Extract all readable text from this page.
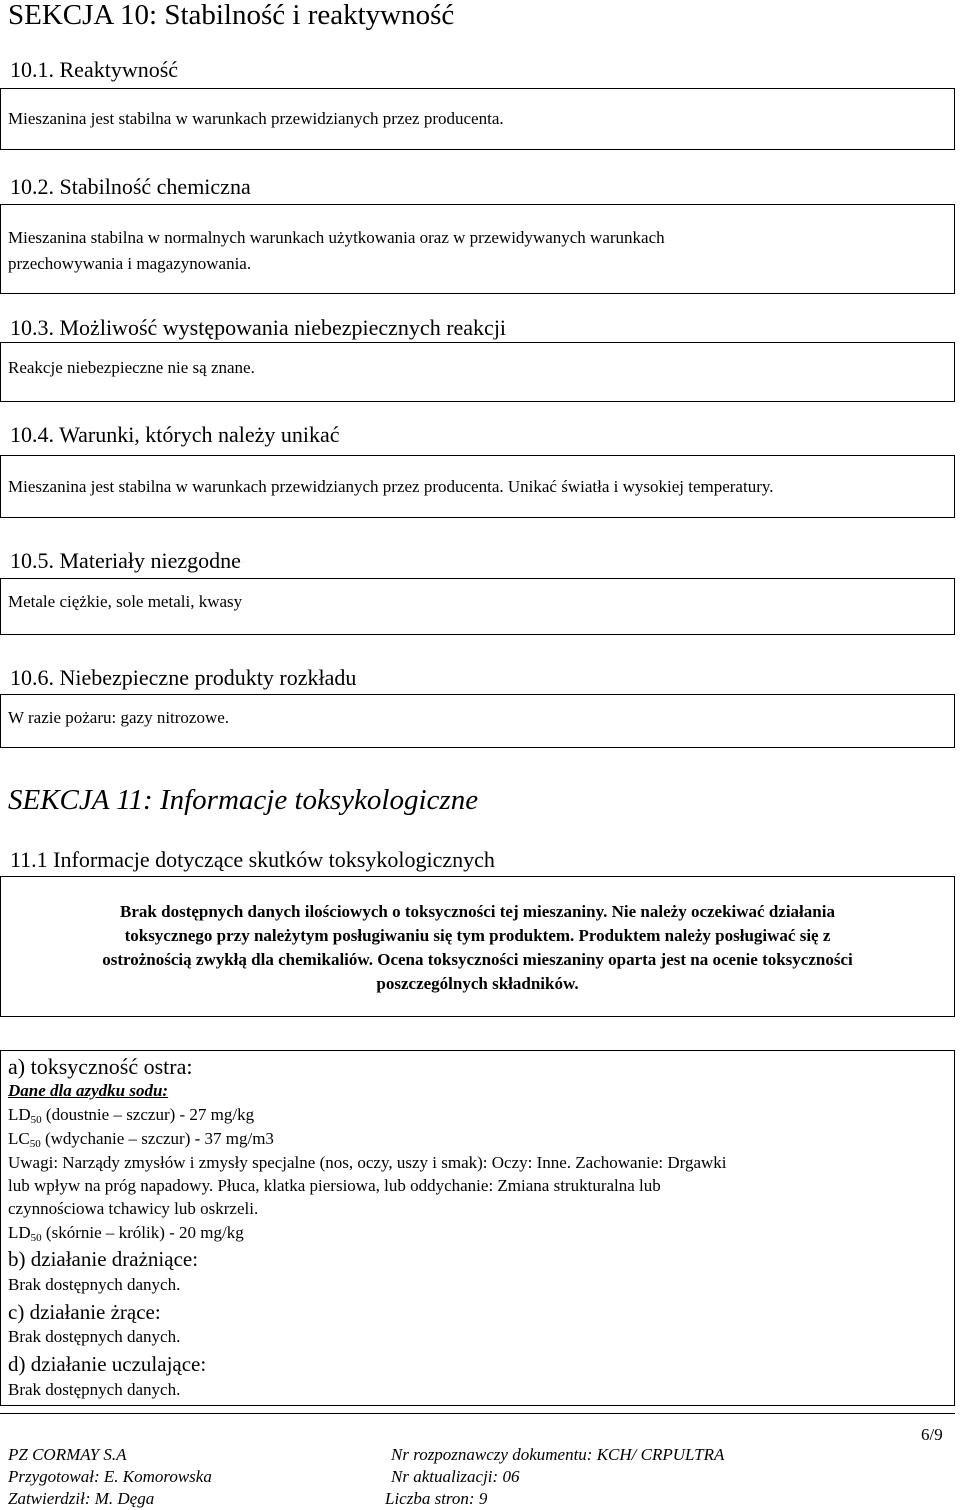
SEKCJA 10: Stabilność i reaktywność
10.1. Reaktywność
Mieszanina jest stabilna w warunkach przewidzianych przez producenta.
10.2. Stabilność chemiczna
Mieszanina stabilna w normalnych warunkach użytkowania oraz w przewidywanych warunkach
przechowywania i magazynowania.
10.3. Możliwość występowania niebezpiecznych reakcji
Reakcje niebezpieczne nie są znane.
10.4. Warunki, których należy unikać
Mieszanina jest stabilna w warunkach przewidzianych przez producenta. Unikać światła i wysokiej temperatury.
10.5. Materiały niezgodne
Metale ciężkie, sole metali, kwasy
10.6. Niebezpieczne produkty rozkładu
W razie pożaru: gazy nitrozowe.
SEKCJA 11: Informacje toksykologiczne
11.1 Informacje dotyczące skutków toksykologicznych
Brak dostępnych danych ilościowych o toksyczności tej mieszaniny. Nie należy oczekiwać działania
toksycznego przy należytym posługiwaniu się tym produktem. Produktem należy posługiwać się z
ostrożnością zwykłą dla chemikaliów. Ocena toksyczności mieszaniny oparta jest na ocenie toksyczności
poszczególnych składników.
a) toksyczność ostra:
Dane dla azydku sodu:
$LD_{50}$ (doustnie – szczur) - 27 mg/kg
$LC_{50}$ (wdychanie – szczur) - 37 mg/m3
Uwagi: Narządy zmysłów i zmysły specjalne (nos, oczy, uszy i smak): Oczy: Inne. Zachowanie: Drgawki
lub wpływ na próg napadowy. Płuca, klatka piersiowa, lub oddychanie: Zmiana strukturalna lub
czynnościowa tchawicy lub oskrzeli.
$LD_{50}$ (skórnie – królik) - 20 mg/kg
b) działanie drażniące:
Brak dostępnych danych.
c) działanie żrące:
Brak dostępnych danych.
d) działanie uczulające:
Brak dostępnych danych.
6/9
PZ CORMAY S.A	Nr rozpoznawczy dokumentu: KCH/ CRPULTRA
Przygotował: E. Komorowska	Nr aktualizacji: 06
Zatwierdził: M. Dęga	Liczba stron: 9
